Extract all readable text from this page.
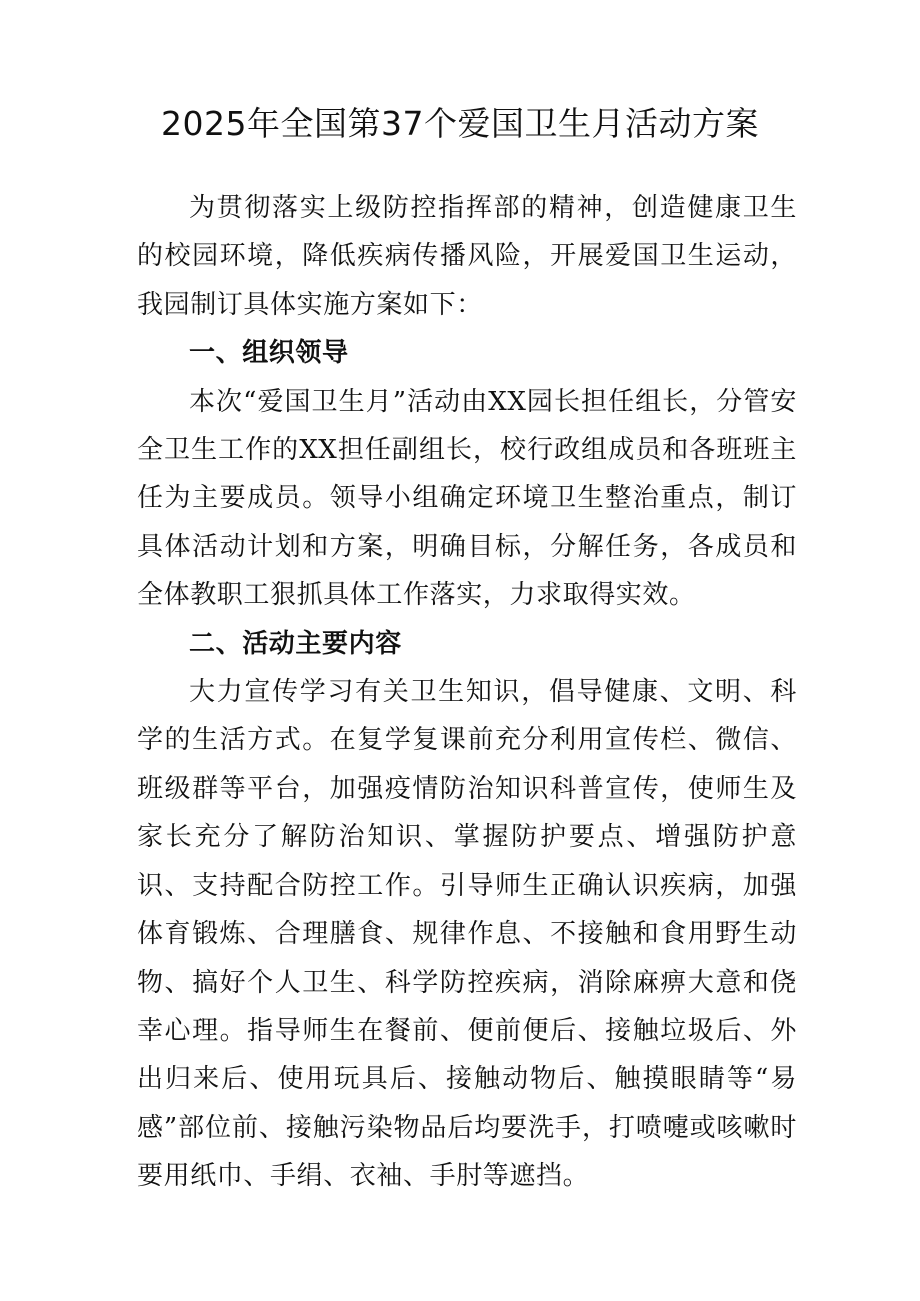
2025年全国第37个爱国卫生月活动方案

为贯彻落实上级防控指挥部的精神，创造健康卫生的校园环境，降低疾病传播风险，开展爱国卫生运动，我园制订具体实施方案如下：

一、组织领导

本次“爱国卫生月”活动由XX园长担任组长，分管安全卫生工作的XX担任副组长，校行政组成员和各班班主任为主要成员。领导小组确定环境卫生整治重点，制订具体活动计划和方案，明确目标，分解任务，各成员和全体教职工狠抓具体工作落实，力求取得实效。

二、活动主要内容

大力宣传学习有关卫生知识，倡导健康、文明、科学的生活方式。在复学复课前充分利用宣传栏、微信、班级群等平台，加强疫情防治知识科普宣传，使师生及家长充分了解防治知识、掌握防护要点、增强防护意识、支持配合防控工作。引导师生正确认识疾病，加强体育锻炼、合理膳食、规律作息、不接触和食用野生动物、搞好个人卫生、科学防控疾病，消除麻痹大意和侥幸心理。指导师生在餐前、便前便后、接触垃圾后、外出归来后、使用玩具后、接触动物后、触摸眼睛等“易感”部位前、接触污染物品后均要洗手，打喷嚏或咳嗽时要用纸巾、手绢、衣袖、手肘等遮挡。
